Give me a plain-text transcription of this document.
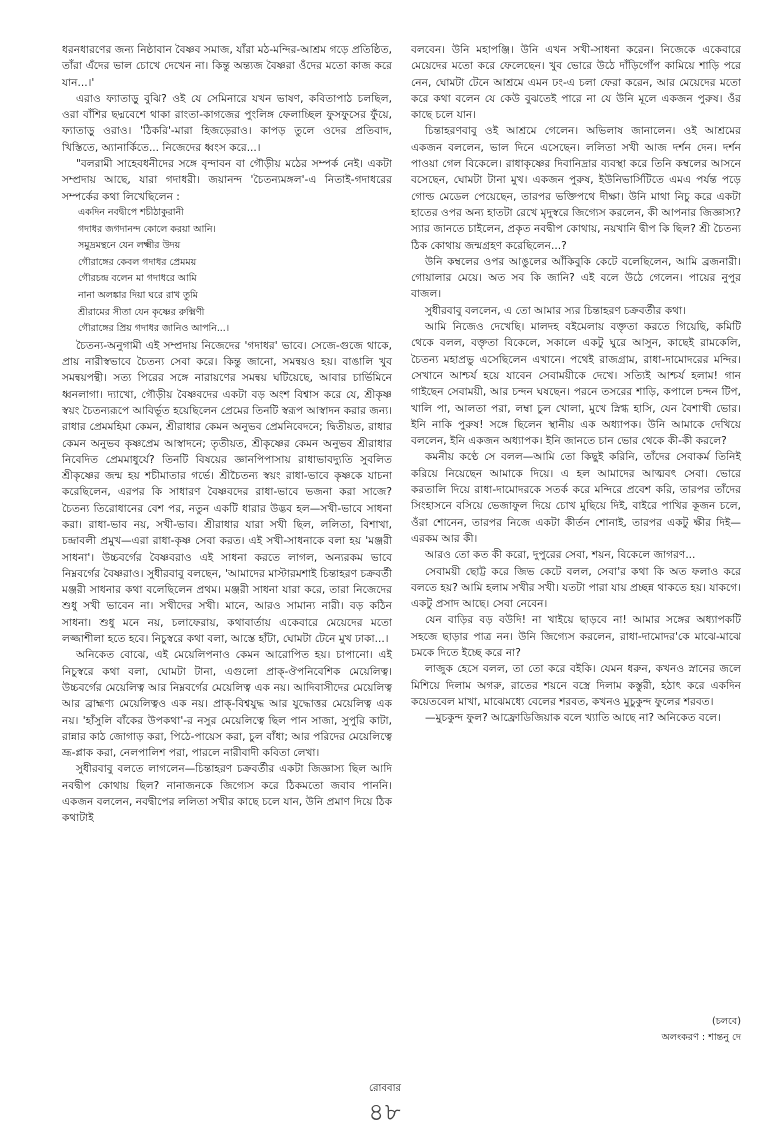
ধরনধারণের জন্য নিষ্ঠাবান বৈষ্ণব সমাজ, যাঁরা মঠ-মন্দির-আশ্রম গড়ে প্রতিষ্ঠিত, তাঁরা এঁদের ভাল চোখে দেখেন না। কিন্তু অন্ত্যজ বৈষ্ণরা ওঁদের মতো কাজ করে যান...।'

এরাও ফ্যাতাড়ু বুঝি? ওই যে সেমিনারে যখন ভাষণ, কবিতাপাঠ চলছিল, ওরা বাঁশির ছদ্মবেশে থাকা রাংতা-কাগজের পুংলিঙ্গ ফেলাচ্ছিল ফুসফুসের ফুঁয়ে, ফ্যাতাড়ু ওরাও। 'ঠিকরি'-মারা হিজড়েরাও। কাপড় তুলে ওদের প্রতিবাদ, খিস্তিতে, অ্যানার্কিতে... নিজেদের ধ্বংস করে...।

"বলরামী সাহেবধনীদের সঙ্গে বৃন্দাবন বা গৌড়ীয় মঠের সম্পর্ক নেই। একটা সম্প্রদায় আছে, যারা গদাধরী। জয়ানন্দ 'চৈতন্যমঙ্গল'-এ নিতাই-গদাধরের সম্পর্কের কথা লিখেছিলেন :

একদিন নবদ্বীপে শচীঠাকুরানী
গদাধর জগদানন্দ কোলে করয়া আনি।
সমুদ্রমন্থনে যেন লক্ষ্মীর উদয়
গৌরাঙ্গের কেবল গদাধর প্রেমময়
গৌরচন্দ্র বলেন মা গদাধরে আমি
নানা অলঙ্কার দিয়া ঘরে রাখ তুমি
শ্রীরামের সীতা যেন কৃষ্ণের রুক্মিণী
গৌরাঙ্গের প্রিয় গদাধর জানিও আপনি...।

চৈতন্য-অনুগামী এই সম্প্রদায় নিজেদের 'গদাধর' ভাবে। সেজে-গুজে থাকে, প্রায় নারীস্বভাবে চৈতন্য সেবা করে। কিন্তু জানো, সমন্বয়ও হয়। বাঙালি খুব সমন্বয়পন্থী। সত্য পিরের সঙ্গে নারায়ণের সমন্বয় ঘটিয়েছে, আবার চার্ভিমিনে ধ্বনলাগা। দ্যাখো, গৌড়ীয় বৈষ্ণবদের একটা বড় অংশ বিশ্বাস করে যে, শ্রীকৃষ্ণ স্বয়ং চৈতন্যরূপে আবির্ভূত হয়েছিলেন প্রেমের তিনটি স্বরূপ আস্বাদন করার জন্য। রাধার প্রেমমহিমা কেমন, শ্রীরাধার কেমন অনুভব প্রেমনিবেদনে; দ্বিতীয়ত, রাধার কেমন অনুভব কৃষ্ণপ্রেম আস্বাদনে; তৃতীয়ত, শ্রীকৃষ্ণের কেমন অনুভব শ্রীরাধার নিবেদিত প্রেমমাধুর্যে? তিনটি বিষয়ের জ্ঞানপিপাসায় রাধাভাবদ্যুতি সুবলিত শ্রীকৃষ্ণের জন্ম হয় শচীমাতার গর্ভে। শ্রীচৈতন্য স্বয়ং রাধা-ভাবে কৃষ্ণকে যাচনা করেছিলেন, এরপর কি সাধারণ বৈষ্ণবদের রাধা-ভাবে ভজনা করা সাজে? চৈতন্য তিরোধানের বেশ পর, নতুন একটি ধারার উদ্ভব হল—সখী-ভাবে সাধনা করা। রাধা-ভাব নয়, সখী-ভাব। শ্রীরাধার যারা সখী ছিল, ললিতা, বিশাখা, চন্দ্রাবলী প্রমুখ—এরা রাধা-কৃষ্ণ সেবা করত। এই সখী-সাধনাকে বলা হয় 'মঞ্জরী সাধনা'। উচ্চবর্গের বৈষ্ণবরাও এই সাধনা করতে লাগল, অন্যরকম ভাবে নিম্নবর্গের বৈষ্ণরাও। সুধীরবাবু বলছেন, 'আমাদের মাস্টারমশাই চিন্তাহরণ চক্রবর্তী মঞ্জরী সাধনার কথা বলেছিলেন প্রথম। মঞ্জরী সাধনা যারা করে, তারা নিজেদের শুধু সখী ভাবেন না। সখীদের সখী। মানে, আরও সামান্য নারী। বড় কঠিন সাধনা। শুধু মনে নয়, চলাফেরায়, কথাবার্তায় একেবারে মেয়েদের মতো লজ্জাশীলা হতে হবে। নিচুস্বরে কথা বলা, আস্তে হাঁটা, ঘোমটা টেনে মুখ ঢাকা...।

অনিকেত বোঝে, এই মেয়েলিপনাও কেমন আরোপিত হয়। চাপানো। এই নিচুস্বরে কথা বলা, ঘোমটা টানা, এগুলো প্রাক্-ঔপনিবেশিক মেয়েলিত্ব। উচ্চবর্গের মেয়েলিত্ব আর নিম্নবর্গের মেয়েলিত্ব এক নয়। আদিবাসীদের মেয়েলিত্ব আর ব্রাহ্মণ্য মেয়েলিত্বও এক নয়। প্রাক্-বিশ্বযুদ্ধ আর যুদ্ধোত্তর মেয়েলিত্ব এক নয়। 'হাঁসুলি বাঁকের উপকথা'-র নসুর মেয়েলিত্বে ছিল পান সাজা, সুপুরি কাটা, রান্নার কাঠ জোগাড় করা, পিঠে-পায়েস করা, চুল বাঁধা; আর পরিদের মেয়েলিত্বে ভ্রূ-প্লাক করা, নেলপালিশ পরা, পারলে নারীবাদী কবিতা লেখা।

সুধীরবাবু বলতে লাগলেন—চিন্তাহরণ চক্রবর্তীর একটা জিজ্ঞাস্য ছিল আদি নবদ্বীপ কোথায় ছিল? নানাজনকে জিগ্যেস করে ঠিকমতো জবাব পাননি। একজন বললেন, নবদ্বীপের ললিতা সখীর কাছে চলে যান, উনি প্রমাণ দিয়ে ঠিক কথাটাই

বলবেন। উনি মহাপঞ্জি। উনি এখন সখী-সাধনা করেন। নিজেকে একেবারে মেয়েদের মতো করে ফেলেছেন। খুব ভোরে উঠে দাঁড়িগোঁপ কামিয়ে শাড়ি পরে নেন, ঘোমটা টেনে আশ্রমে এমন ঢং-এ চলা ফেরা করেন, আর মেয়েদের মতো করে কথা বলেন যে কেউ বুঝতেই পারে না যে উনি মূলে একজন পুরুষ। ওঁর কাছে চলে যান।

চিন্তাহরণবাবু ওই আশ্রমে গেলেন। অভিলাষ জানালেন। ওই আশ্রমের একজন বললেন, ভাল দিনে এসেছেন। ললিতা সখী আজ দর্শন দেন। দর্শন পাওয়া গেল বিকেলে। রাধাকৃষ্ণের দিবানিদ্রার ব্যবস্থা করে তিনি কম্বলের আসনে বসেছেন, ঘোমটা টানা মুখ। একজন পুরুষ, ইউনিভার্সিটিতে এমএ পর্যন্ত পড়ে গোল্ড মেডেল পেয়েছেন, তারপর ভক্তিপথে দীক্ষা। উনি মাথা নিচু করে একটা হাতের ওপর অন্য হাতটা রেখে মৃদুস্বরে জিগ্যেস করলেন, কী আপনার জিজ্ঞাস্য? স্যার জানতে চাইলেন, প্রকৃত নবদ্বীপ কোথায়, নয়খানি দ্বীপ কি ছিল? শ্রী চৈতন্য ঠিক কোথায় জন্মগ্রহণ করেছিলেন...?

উনি কম্বলের ওপর আঙুলের আঁকিবুকি কেটে বলেছিলেন, আমি ব্রজনারী। গোয়ালার মেয়ে। অত সব কি জানি? এই বলে উঠে গেলেন। পায়ের নুপুর বাজল।

সুধীরবাবু বললেন, এ তো আমার স্যর চিন্তাহরণ চক্রবর্তীর কথা।

আমি নিজেও দেখেছি। মালদহ বইমেলায় বক্তৃতা করতে গিয়েছি, কমিটি থেকে বলল, বক্তৃতা বিকেলে, সকালে একটু ঘুরে আসুন, কাছেই রামকেলি, চৈতন্য মহাপ্রভু এসেছিলেন এখানে। পথেই রাজগ্রাম, রাধা-দামোদরের মন্দির। সেখানে আশ্চর্য হয়ে যাবেন সেবাময়ীকে দেখে। সত্যিই আশ্চর্য হলাম! গান গাইছেন সেবাময়ী, আর চন্দন ঘষছেন। পরনে তসরের শাড়ি, কপালে চন্দন টিপ, খালি পা, আলতা পরা, লম্বা চুল খোলা, মুখে স্নিগ্ধ হাসি, যেন বৈশাখী ভোর। ইনি নাকি পুরুষ! সঙ্গে ছিলেন স্থানীয় এক অধ্যাপক। উনি আমাকে দেখিয়ে বললেন, ইনি একজন অধ্যাপক। ইনি জানতে চান ভোর থেকে কী-কী করলে?

কমনীয় কণ্ঠে সে বলল—আমি তো কিছুই করিনি, তাঁদের সেবাকর্ম তিনিই করিয়ে নিয়েছেন আমাকে দিয়ে। এ হল আমাদের আত্মবৎ সেবা। ভোরে করতালি দিয়ে রাধা-দামোদরকে সতর্ক করে মন্দিরে প্রবেশ করি, তারপর তাঁদের সিংহাসনে বসিয়ে ভেজাফুল দিয়ে চোখ মুছিয়ে দিই, বাইরে পাখির কূজন চলে, ওঁরা শোনেন, তারপর নিজে একটা কীর্তন শোনাই, তারপর একটু ক্ষীর দিই—এরকম আর কী।

আরও তো কত কী করো, দুপুরের সেবা, শয়ন, বিকেলে জাগরণ...

সেবাময়ী ছোট্ট করে জিভ কেটে বলল, সেবা'র কথা কি অত ফলাও করে বলতে হয়? আমি হলাম সখীর সখী। যতটা পারা যায় প্রচ্ছন্ন থাকতে হয়। যাকগে। একটু প্রসাদ আছে। সেবা নেবেন।

যেন বাড়ির বড় বউদি! না খাইয়ে ছাড়বে না! আমার সঙ্গের অধ্যাপকটি সহজে ছাড়ার পাত্র নন। উনি জিগ্যেস করলেন, রাধা-দামোদর'কে মাঝে-মাঝে চমকে দিতে ইচ্ছে করে না?

লাজুক হেসে বলল, তা তো করে বইকি। যেমন ধরুন, কখনও স্নানের জলে মিশিয়ে দিলাম অগরু, রাতের শয়নে বস্ত্রে দিলাম কস্তুরী, হঠাৎ করে একদিন কয়েতবেল মাখা, মাঝেমধ্যে বেলের শরবত, কখনও মুচুকুন্দ ফুলের শরবত।

—মুচকুন্দ ফুল? আফ্রোডিজিয়াক বলে খ্যাতি আছে না? অনিকেত বলে।

(চলবে)
অলংকরণ : শান্তনু দে
রোববার
৪৮
